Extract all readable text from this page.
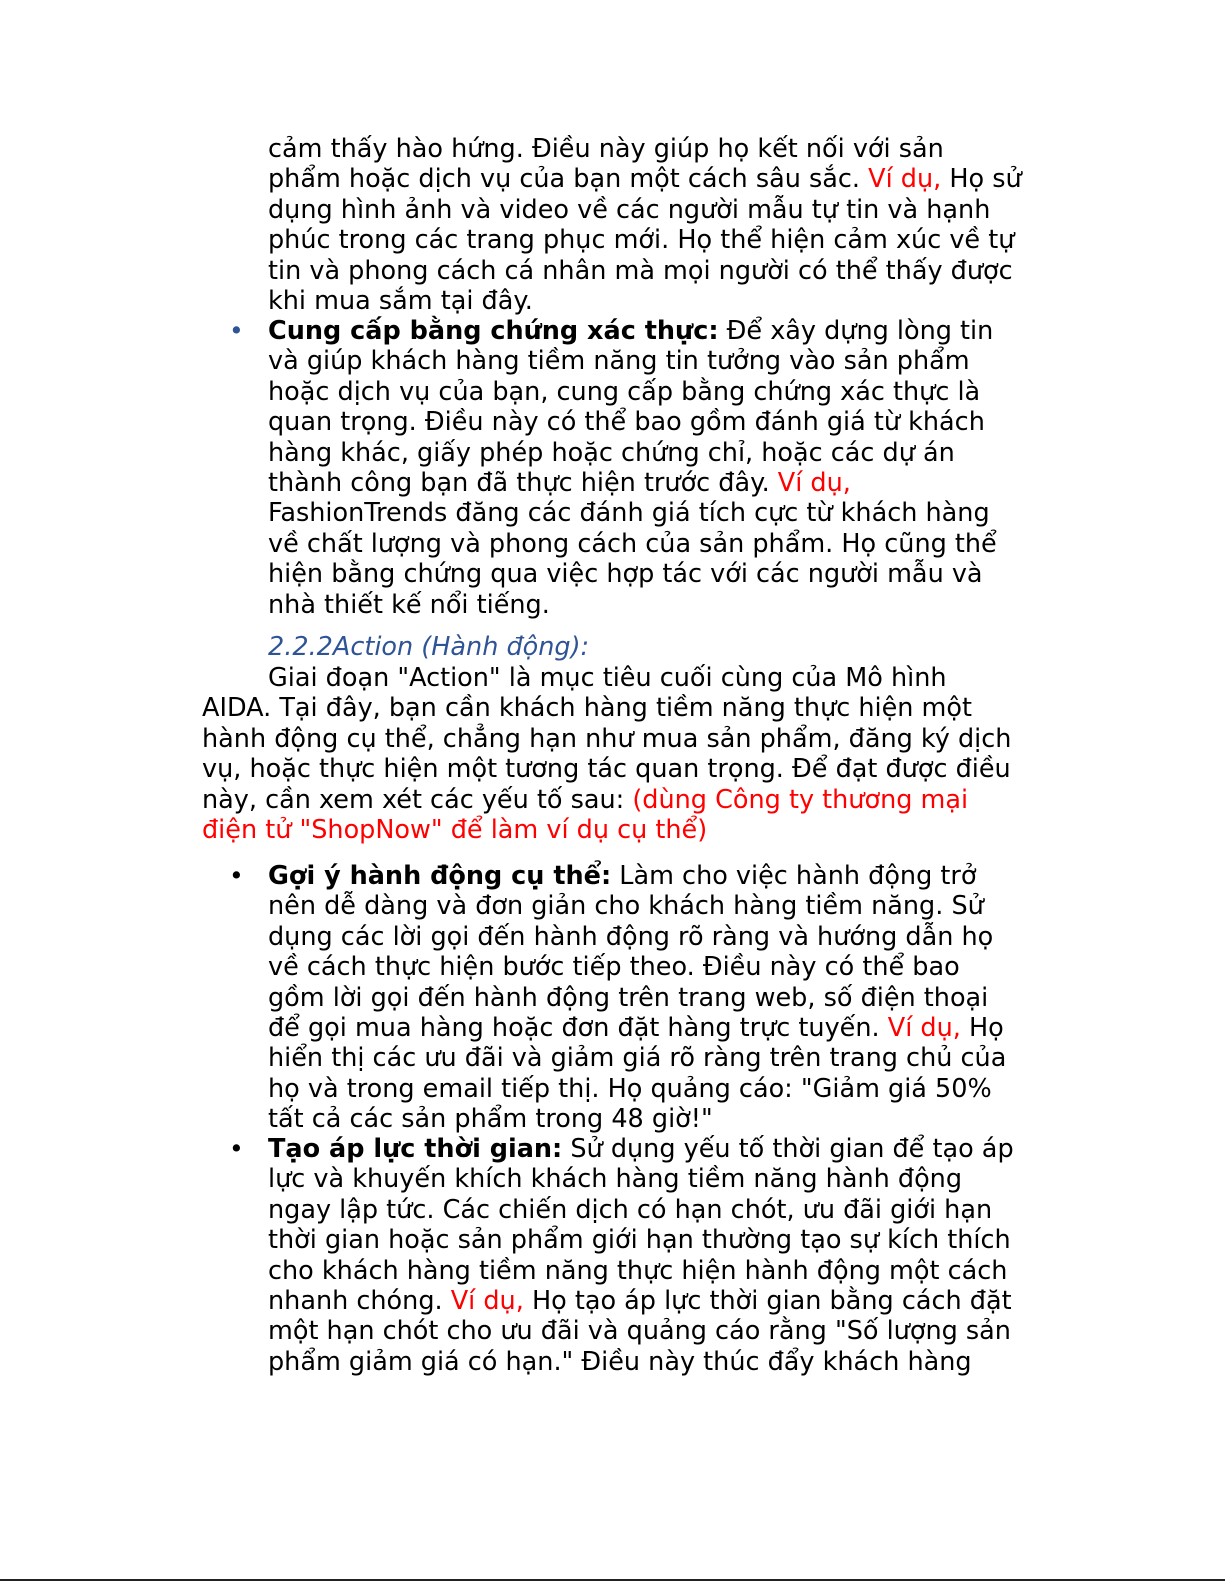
cảm thấy hào hứng. Điều này giúp họ kết nối với sản
phẩm hoặc dịch vụ của bạn một cách sâu sắc. Ví dụ, Họ sử
dụng hình ảnh và video về các người mẫu tự tin và hạnh
phúc trong các trang phục mới. Họ thể hiện cảm xúc về tự
tin và phong cách cá nhân mà mọi người có thể thấy được
khi mua sắm tại đây.
• Cung cấp bằng chứng xác thực: Để xây dựng lòng tin
và giúp khách hàng tiềm năng tin tưởng vào sản phẩm
hoặc dịch vụ của bạn, cung cấp bằng chứng xác thực là
quan trọng. Điều này có thể bao gồm đánh giá từ khách
hàng khác, giấy phép hoặc chứng chỉ, hoặc các dự án
thành công bạn đã thực hiện trước đây. Ví dụ,
FashionTrends đăng các đánh giá tích cực từ khách hàng
về chất lượng và phong cách của sản phẩm. Họ cũng thể
hiện bằng chứng qua việc hợp tác với các người mẫu và
nhà thiết kế nổi tiếng.
2.2.2Action (Hành động):
Giai đoạn "Action" là mục tiêu cuối cùng của Mô hình
AIDA. Tại đây, bạn cần khách hàng tiềm năng thực hiện một
hành động cụ thể, chẳng hạn như mua sản phẩm, đăng ký dịch
vụ, hoặc thực hiện một tương tác quan trọng. Để đạt được điều
này, cần xem xét các yếu tố sau: (dùng Công ty thương mại
điện tử "ShopNow" để làm ví dụ cụ thể)
• Gợi ý hành động cụ thể: Làm cho việc hành động trở
nên dễ dàng và đơn giản cho khách hàng tiềm năng. Sử
dụng các lời gọi đến hành động rõ ràng và hướng dẫn họ
về cách thực hiện bước tiếp theo. Điều này có thể bao
gồm lời gọi đến hành động trên trang web, số điện thoại
để gọi mua hàng hoặc đơn đặt hàng trực tuyến. Ví dụ, Họ
hiển thị các ưu đãi và giảm giá rõ ràng trên trang chủ của
họ và trong email tiếp thị. Họ quảng cáo: "Giảm giá 50%
tất cả các sản phẩm trong 48 giờ!"
• Tạo áp lực thời gian: Sử dụng yếu tố thời gian để tạo áp
lực và khuyến khích khách hàng tiềm năng hành động
ngay lập tức. Các chiến dịch có hạn chót, ưu đãi giới hạn
thời gian hoặc sản phẩm giới hạn thường tạo sự kích thích
cho khách hàng tiềm năng thực hiện hành động một cách
nhanh chóng. Ví dụ, Họ tạo áp lực thời gian bằng cách đặt
một hạn chót cho ưu đãi và quảng cáo rằng "Số lượng sản
phẩm giảm giá có hạn." Điều này thúc đẩy khách hàng
